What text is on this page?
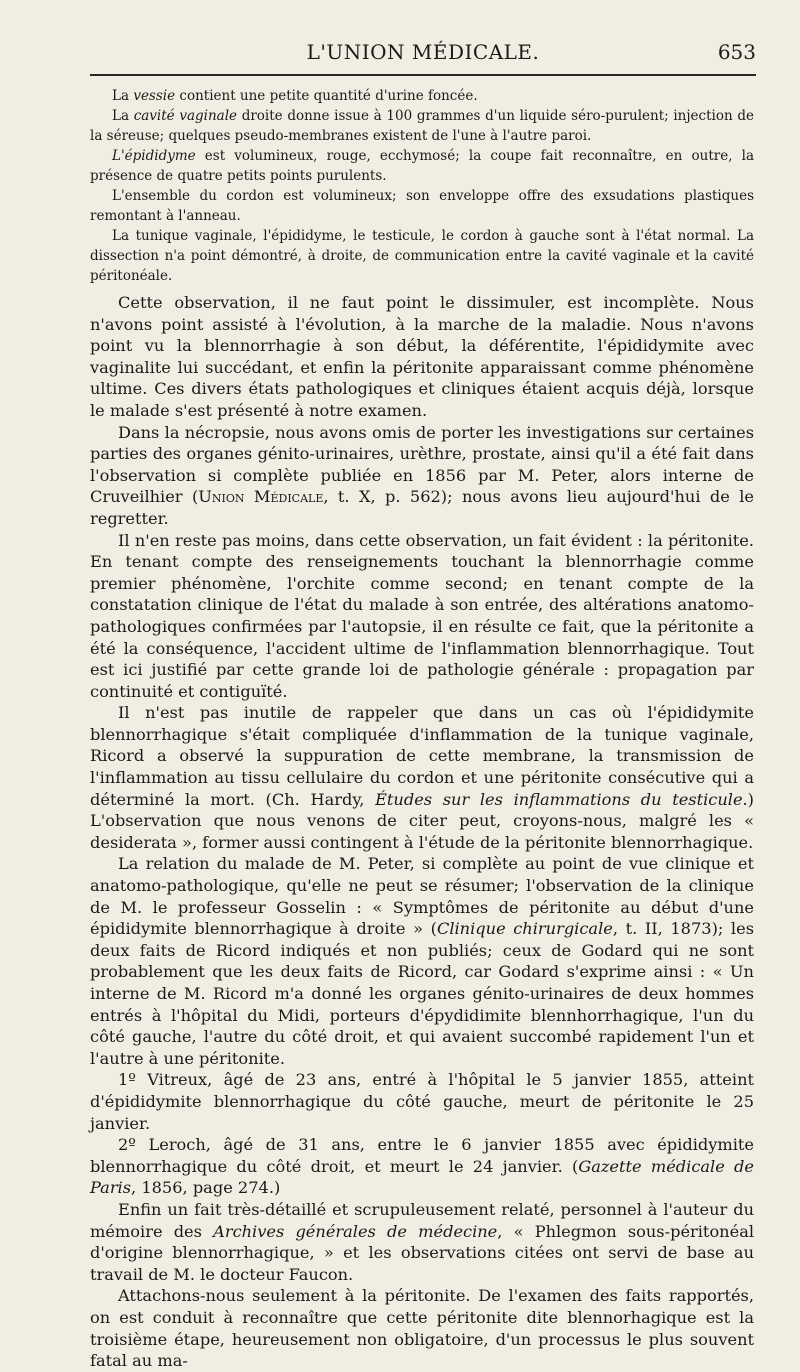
L'UNION MÉDICALE.	653

La vessie contient une petite quantité d'urine foncée.

La cavité vaginale droite donne issue à 100 grammes d'un liquide séro-purulent; injection de la séreuse; quelques pseudo-membranes existent de l'une à l'autre paroi.

L'épididyme est volumineux, rouge, ecchymosé; la coupe fait reconnaître, en outre, la présence de quatre petits points purulents.

L'ensemble du cordon est volumineux; son enveloppe offre des exsudations plastiques remontant à l'anneau.

La tunique vaginale, l'épididyme, le testicule, le cordon à gauche sont à l'état normal. La dissection n'a point démontré, à droite, de communication entre la cavité vaginale et la cavité péritonéale.

Cette observation, il ne faut point le dissimuler, est incomplète. Nous n'avons point assisté à l'évolution, à la marche de la maladie. Nous n'avons point vu la blennorrhagie à son début, la déférentite, l'épididymite avec vaginalite lui succédant, et enfin la péritonite apparaissant comme phénomène ultime. Ces divers états pathologiques et cliniques étaient acquis déjà, lorsque le malade s'est présenté à notre examen.

Dans la nécropsie, nous avons omis de porter les investigations sur certaines parties des organes génito-urinaires, urèthre, prostate, ainsi qu'il a été fait dans l'observation si complète publiée en 1856 par M. Peter, alors interne de Cruveilhier (Union Médicale, t. X, p. 562); nous avons lieu aujourd'hui de le regretter.

Il n'en reste pas moins, dans cette observation, un fait évident : la péritonite. En tenant compte des renseignements touchant la blennorrhagie comme premier phénomène, l'orchite comme second; en tenant compte de la constatation clinique de l'état du malade à son entrée, des altérations anatomo-pathologiques confirmées par l'autopsie, il en résulte ce fait, que la péritonite a été la conséquence, l'accident ultime de l'inflammation blennorrhagique. Tout est ici justifié par cette grande loi de pathologie générale : propagation par continuité et contiguïté.

Il n'est pas inutile de rappeler que dans un cas où l'épididymite blennorrhagique s'était compliquée d'inflammation de la tunique vaginale, Ricord a observé la suppuration de cette membrane, la transmission de l'inflammation au tissu cellulaire du cordon et une péritonite consécutive qui a déterminé la mort. (Ch. Hardy, Études sur les inflammations du testicule.) L'observation que nous venons de citer peut, croyons-nous, malgré les « desiderata », former aussi contingent à l'étude de la péritonite blennorrhagique.

La relation du malade de M. Peter, si complète au point de vue clinique et anatomo-pathologique, qu'elle ne peut se résumer; l'observation de la clinique de M. le professeur Gosselin : « Symptômes de péritonite au début d'une épididymite blennorrhagique à droite » (Clinique chirurgicale, t. II, 1873); les deux faits de Ricord indiqués et non publiés; ceux de Godard qui ne sont probablement que les deux faits de Ricord, car Godard s'exprime ainsi : « Un interne de M. Ricord m'a donné les organes génito-urinaires de deux hommes entrés à l'hôpital du Midi, porteurs d'épydidimite blennhorrhagique, l'un du côté gauche, l'autre du côté droit, et qui avaient succombé rapidement l'un et l'autre à une péritonite.

1º Vitreux, âgé de 23 ans, entré à l'hôpital le 5 janvier 1855, atteint d'épididymite blennorrhagique du côté gauche, meurt de péritonite le 25 janvier.

2º Leroch, âgé de 31 ans, entre le 6 janvier 1855 avec épididymite blennorrhagique du côté droit, et meurt le 24 janvier. (Gazette médicale de Paris, 1856, page 274.)

Enfin un fait très-détaillé et scrupuleusement relaté, personnel à l'auteur du mémoire des Archives générales de médecine, « Phlegmon sous-péritonéal d'origine blennorrhagique, » et les observations citées ont servi de base au travail de M. le docteur Faucon.

Attachons-nous seulement à la péritonite. De l'examen des faits rapportés, on est conduit à reconnaître que cette péritonite dite blennorhagique est la troisième étape, heureusement non obligatoire, d'un processus le plus souvent fatal au ma-
